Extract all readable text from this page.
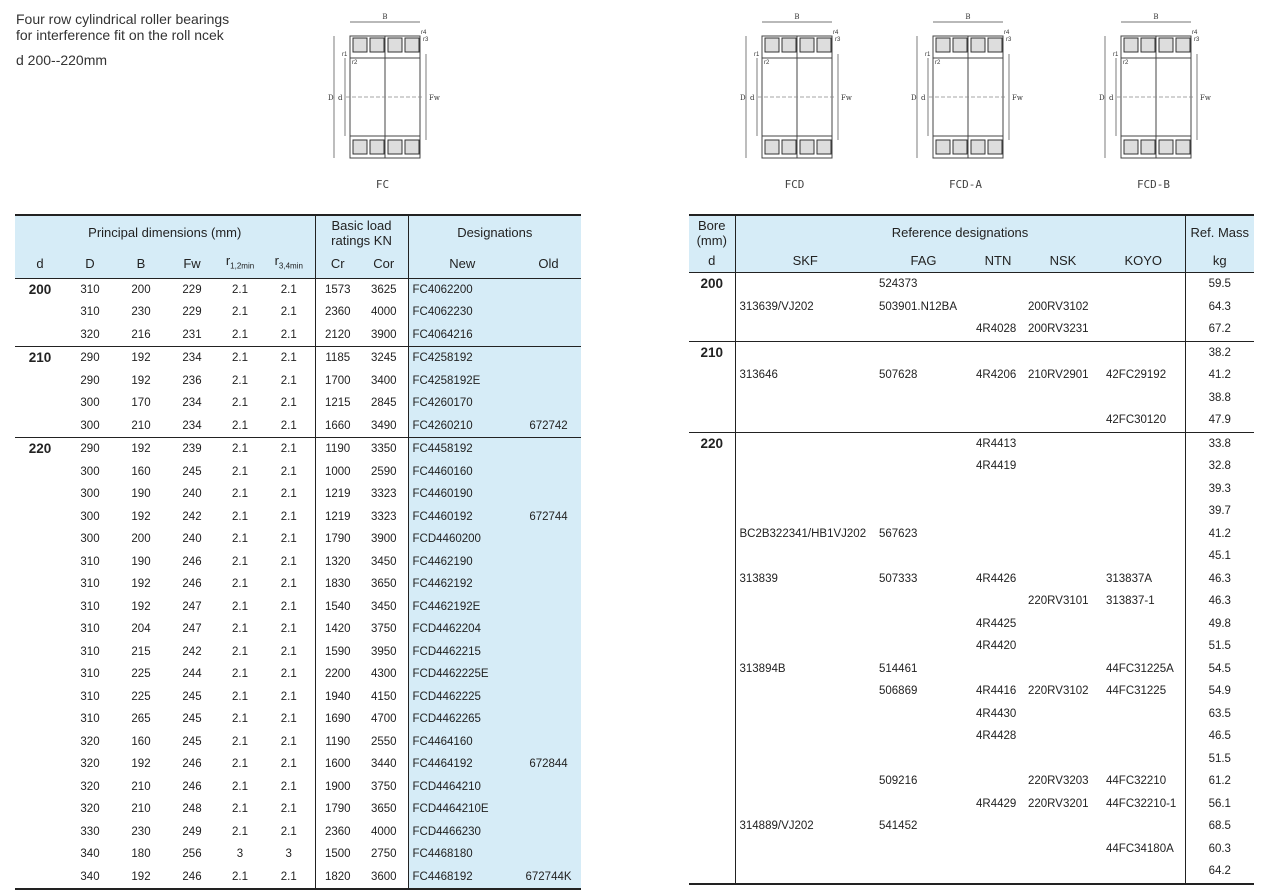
Four row cylindrical roller bearings
for interference fit on the roll ncek
d 200--220mm
B
D d	Fw
r4
r3
r1
r2
FC
B
D d	Fw
r4
r3
r1
r2
FCD
B
D d	Fw
r4
r3
r1
r2
FCD-A
B
D d	Fw
r4
r3
r1
r2
FCD-B
Principal dimensions (mm)						Basic load
ratings KN		Designations	
d	D	B	Fw	$r_{1,2min}$	$r_{3,4min}$	Cr	Cor	New	Old
200	310	200	229	2.1	2.1	1573	3625	FC4062200	
	310	230	229	2.1	2.1	2360	4000	FC4062230	
	320	216	231	2.1	2.1	2120	3900	FC4064216	
210	290	192	234	2.1	2.1	1185	3245	FC4258192	
	290	192	236	2.1	2.1	1700	3400	FC4258192E	
	300	170	234	2.1	2.1	1215	2845	FC4260170	
	300	210	234	2.1	2.1	1660	3490	FC4260210	672742
220	290	192	239	2.1	2.1	1190	3350	FC4458192	
	300	160	245	2.1	2.1	1000	2590	FC4460160	
	300	190	240	2.1	2.1	1219	3323	FC4460190	
	300	192	242	2.1	2.1	1219	3323	FC4460192	672744
	300	200	240	2.1	2.1	1790	3900	FCD4460200	
	310	190	246	2.1	2.1	1320	3450	FC4462190	
	310	192	246	2.1	2.1	1830	3650	FC4462192	
	310	192	247	2.1	2.1	1540	3450	FC4462192E	
	310	204	247	2.1	2.1	1420	3750	FCD4462204	
	310	215	242	2.1	2.1	1590	3950	FCD4462215	
	310	225	244	2.1	2.1	2200	4300	FCD4462225E	
	310	225	245	2.1	2.1	1940	4150	FCD4462225	
	310	265	245	2.1	2.1	1690	4700	FCD4462265	
	320	160	245	2.1	2.1	1190	2550	FC4464160	
	320	192	246	2.1	2.1	1600	3440	FC4464192	672844
	320	210	246	2.1	2.1	1900	3750	FCD4464210	
	320	210	248	2.1	2.1	1790	3650	FCD4464210E	
	330	230	249	2.1	2.1	2360	4000	FCD4466230	
	340	180	256	3	3	1500	2750	FC4468180	
	340	192	246	2.1	2.1	1820	3600	FC4468192	672744K
Bore
(mm)	Reference designations					Ref. Mass
d	SKF	FAG	NTN	NSK	KOYO	kg
200		524373				59.5
	313639/VJ202	503901.N12BA		200RV3102		64.3
			4R4028	200RV3231		67.2
210						38.2
	313646	507628	4R4206	210RV2901	42FC29192	41.2
						38.8
					42FC30120	47.9
220			4R4413			33.8
			4R4419			32.8
						39.3
						39.7
	BC2B322341/HB1VJ202	567623				41.2
						45.1
	313839	507333	4R4426		313837A	46.3
				220RV3101	313837-1	46.3
			4R4425			49.8
			4R4420			51.5
	313894B	514461			44FC31225A	54.5
		506869	4R4416	220RV3102	44FC31225	54.9
			4R4430			63.5
			4R4428			46.5
						51.5
		509216		220RV3203	44FC32210	61.2
			4R4429	220RV3201	44FC32210-1	56.1
	314889/VJ202	541452				68.5
					44FC34180A	60.3
						64.2
